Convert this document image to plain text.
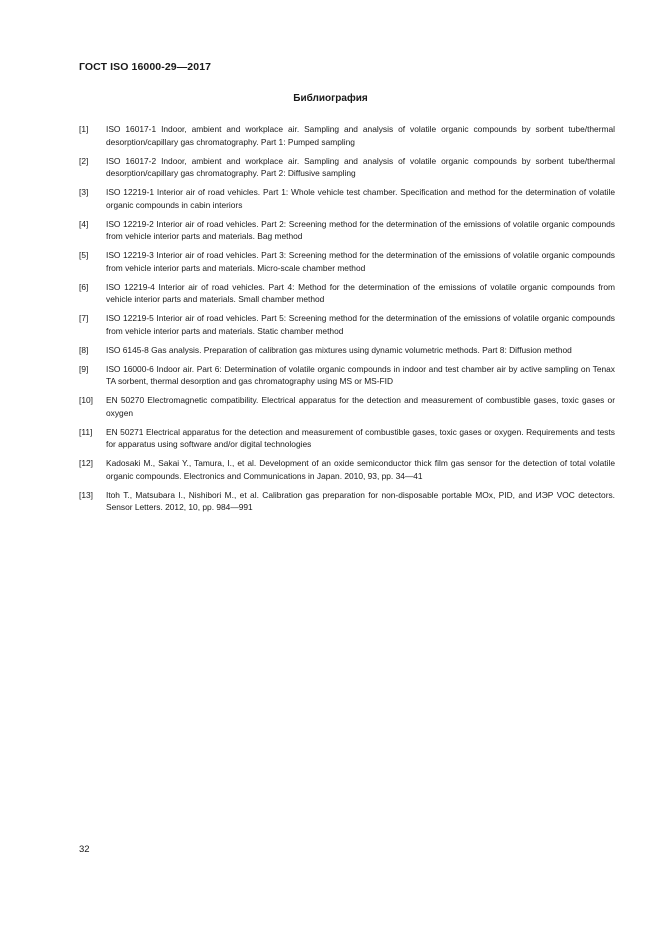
ГОСТ ISO 16000-29—2017
Библиография
[1]	ISO 16017-1 Indoor, ambient and workplace air. Sampling and analysis of volatile organic compounds by sorbent tube/thermal desorption/capillary gas chromatography. Part 1: Pumped sampling
[2]	ISO 16017-2 Indoor, ambient and workplace air. Sampling and analysis of volatile organic compounds by sorbent tube/thermal desorption/capillary gas chromatography. Part 2: Diffusive sampling
[3]	ISO 12219-1 Interior air of road vehicles. Part 1: Whole vehicle test chamber. Specification and method for the determination of volatile organic compounds in cabin interiors
[4]	ISO 12219-2 Interior air of road vehicles. Part 2: Screening method for the determination of the emissions of volatile organic compounds from vehicle interior parts and materials. Bag method
[5]	ISO 12219-3 Interior air of road vehicles. Part 3: Screening method for the determination of the emissions of volatile organic compounds from vehicle interior parts and materials. Micro-scale chamber method
[6]	ISO 12219-4 Interior air of road vehicles. Part 4: Method for the determination of the emissions of volatile organic compounds from vehicle interior parts and materials. Small chamber method
[7]	ISO 12219-5 Interior air of road vehicles. Part 5: Screening method for the determination of the emissions of volatile organic compounds from vehicle interior parts and materials. Static chamber method
[8]	ISO 6145-8 Gas analysis. Preparation of calibration gas mixtures using dynamic volumetric methods. Part 8: Diffusion method
[9]	ISO 16000-6 Indoor air. Part 6: Determination of volatile organic compounds in indoor and test chamber air by active sampling on Tenax TA sorbent, thermal desorption and gas chromatography using MS or MS-FID
[10]	EN 50270 Electromagnetic compatibility. Electrical apparatus for the detection and measurement of combustible gases, toxic gases or oxygen
[11]	EN 50271 Electrical apparatus for the detection and measurement of combustible gases, toxic gases or oxygen. Requirements and tests for apparatus using software and/or digital technologies
[12]	Kadosaki M., Sakai Y., Tamura, I., et al. Development of an oxide semiconductor thick film gas sensor for the detection of total volatile organic compounds. Electronics and Communications in Japan. 2010, 93, pp. 34—41
[13]	Itoh T., Matsubara I., Nishibori M., et al. Calibration gas preparation for non-disposable portable MOx, PID, and ИЭР VOC detectors. Sensor Letters. 2012, 10, pp. 984—991
32
